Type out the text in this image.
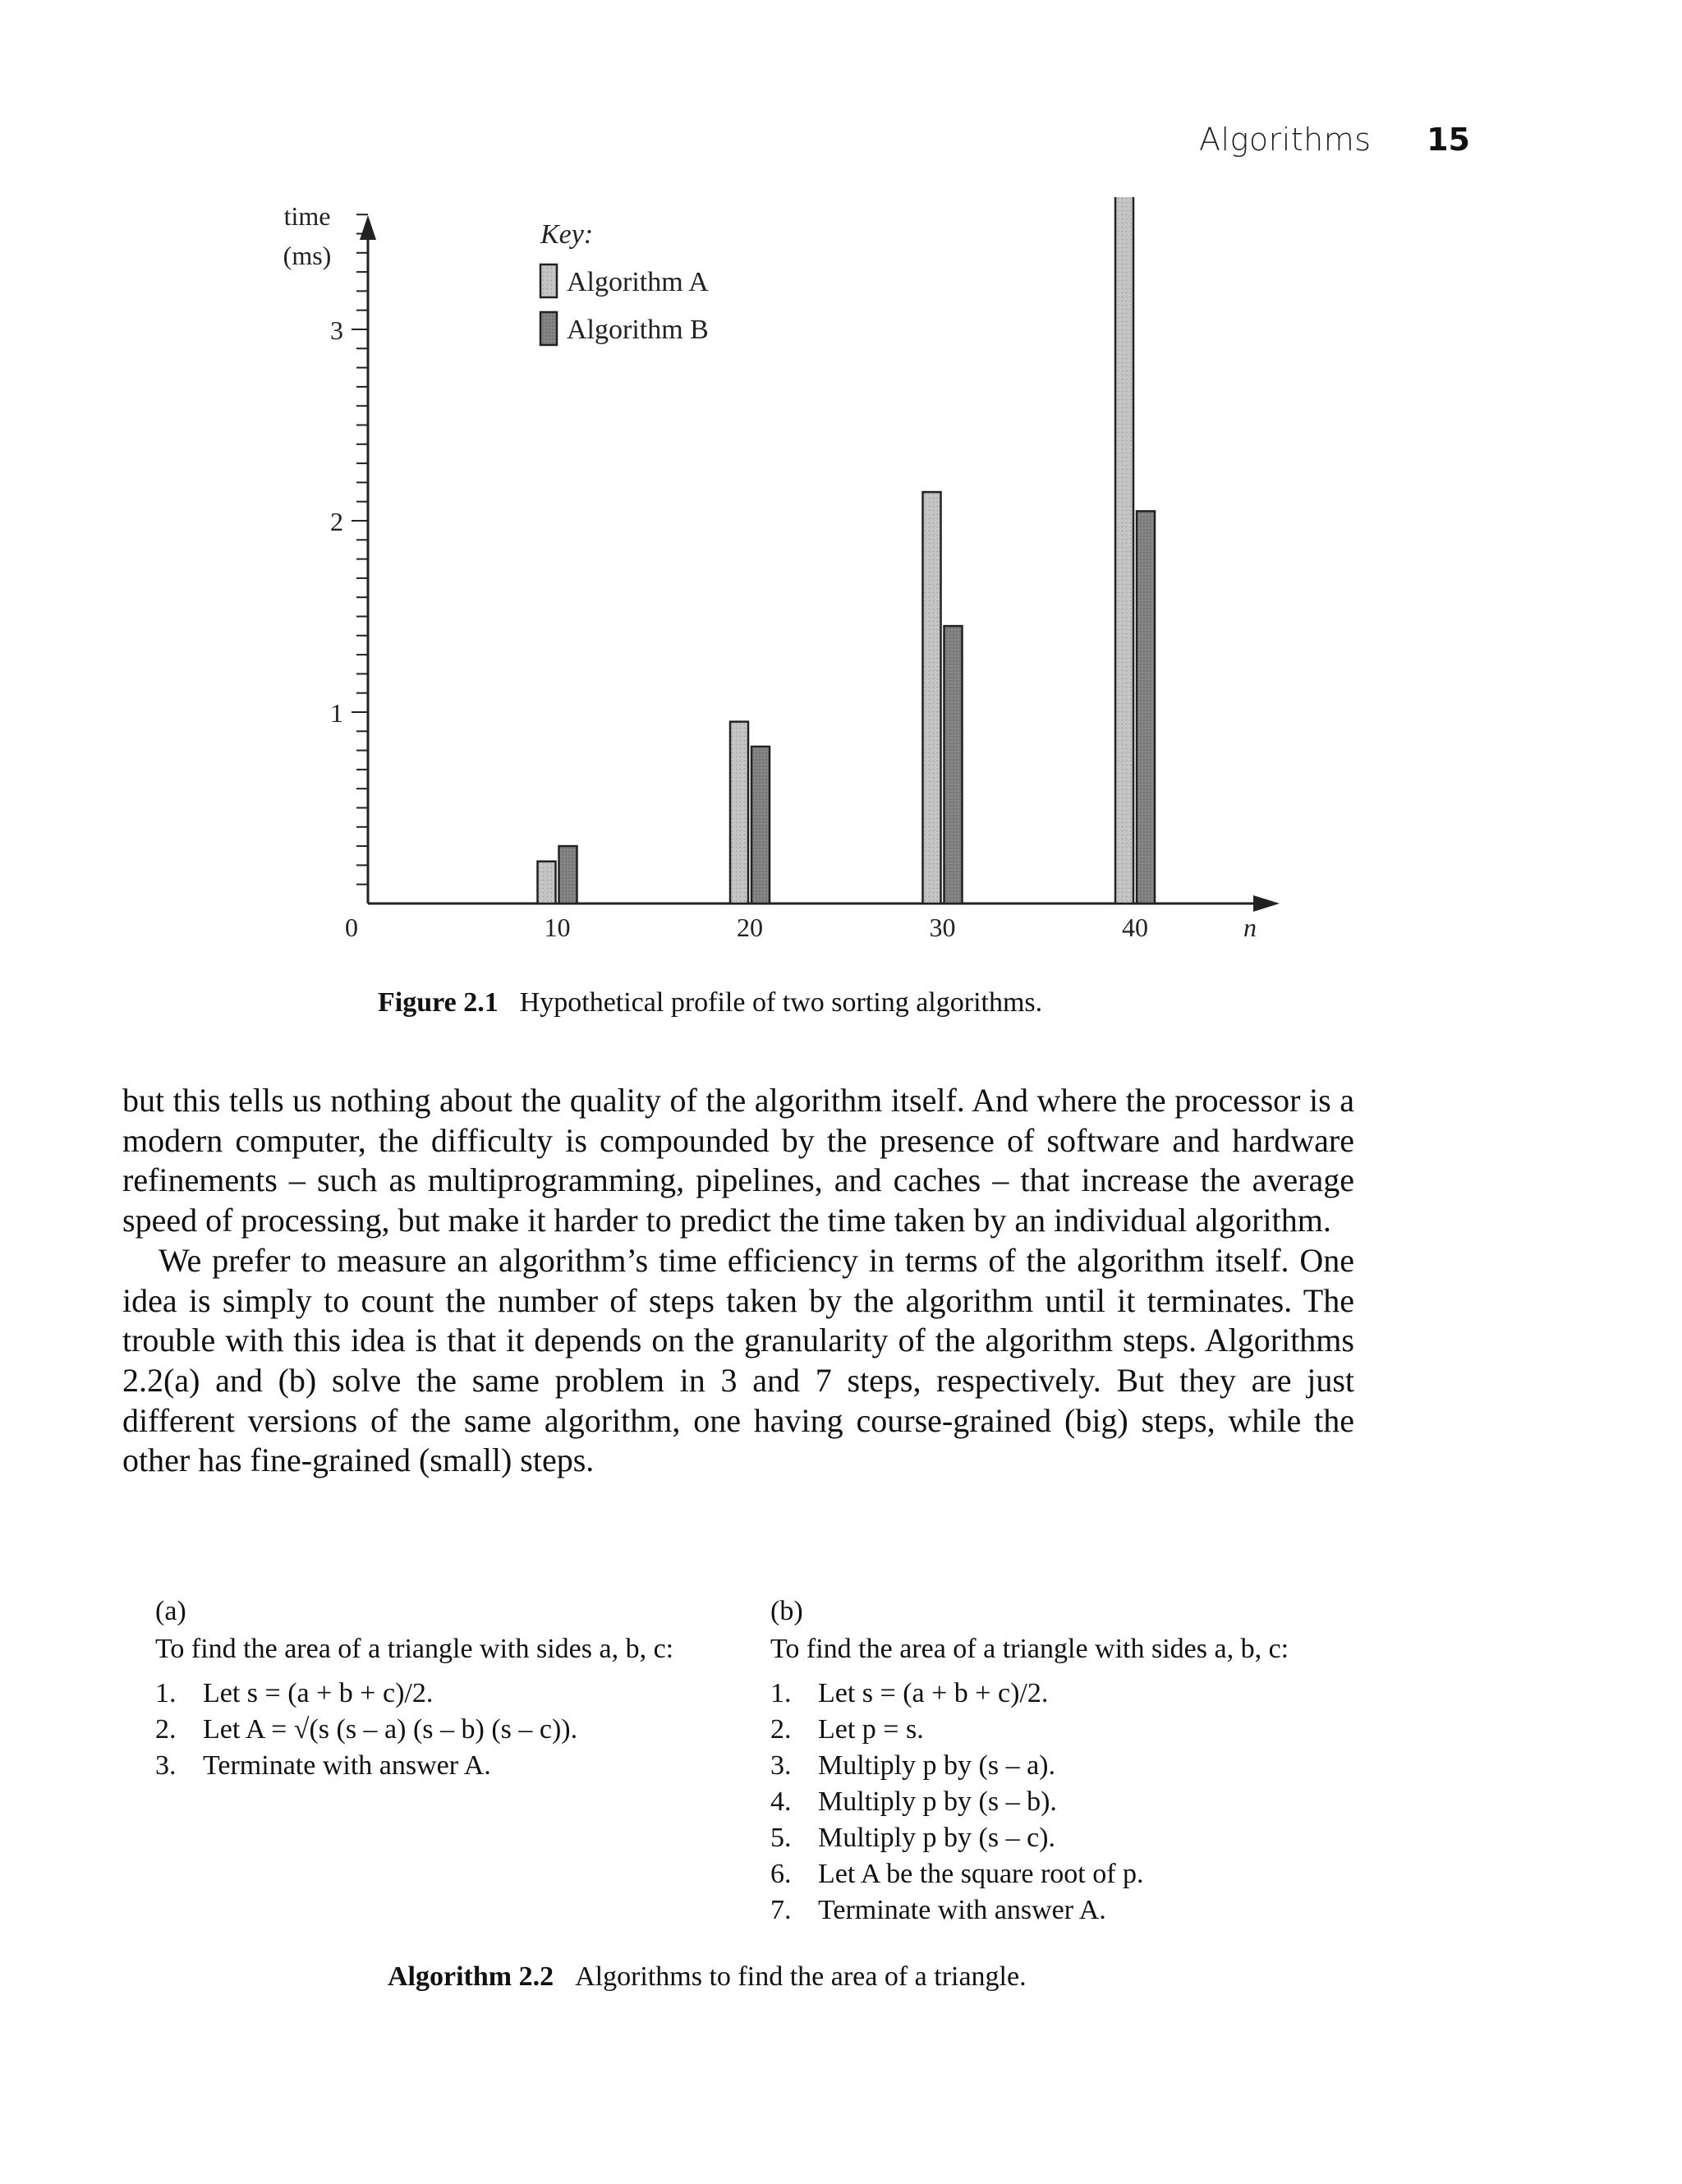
Algorithms 15
1
2
3
time
(ms)
0	10	20	30	40	n
Key:
Algorithm A
Algorithm B
Figure 2.1 Hypothetical profile of two sorting algorithms.

but this tells us nothing about the quality of the algorithm itself. And where the processor is a modern computer, the difficulty is compounded by the presence of software and hardware refinements – such as multiprogramming, pipelines, and caches – that increase the average speed of processing, but make it harder to predict the time taken by an individual algorithm.

We prefer to measure an algorithm’s time efficiency in terms of the algorithm itself. One idea is simply to count the number of steps taken by the algorithm until it terminates. The trouble with this idea is that it depends on the granularity of the algorithm steps. Algorithms 2.2(a) and (b) solve the same problem in 3 and 7 steps, respectively. But they are just different versions of the same algorithm, one having course-grained (big) steps, while the other has fine-grained (small) steps.

(a)
To find the area of a triangle with sides a, b, c:
1. Let s = (a + b + c)/2.
2. Let A = √(s (s – a) (s – b) (s – c)).
3. Terminate with answer A.
(b)
To find the area of a triangle with sides a, b, c:
1. Let s = (a + b + c)/2.
2. Let p = s.
3. Multiply p by (s – a).
4. Multiply p by (s – b).
5. Multiply p by (s – c).
6. Let A be the square root of p.
7. Terminate with answer A.
Algorithm 2.2 Algorithms to find the area of a triangle.
